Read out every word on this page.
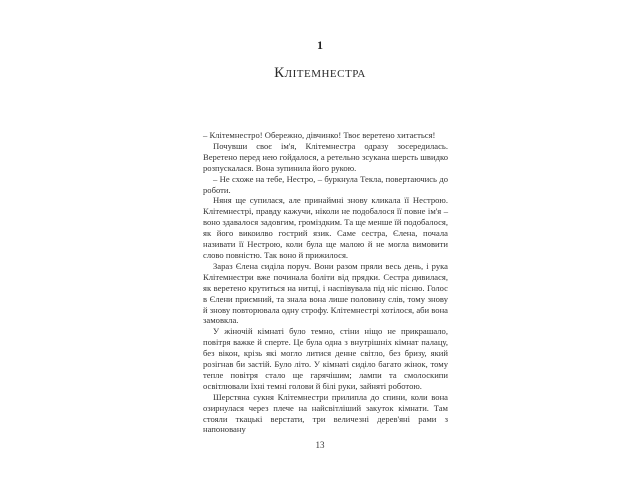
1
Клітемнестра

– Клітемнестро! Обережно, дівчинко! Твоє веретено хитається!

Почувши своє ім'я, Клітемнестра одразу зосередилась. Веретено перед нею гойдалося, а ретельно зсукана шерсть швидко розпускалася. Вона зупинила його рукою.

– Не схоже на тебе, Нестро, – буркнула Текла, повертаючись до роботи.

Няня ще супилася, але принаймні знову кликала її Нестрою. Клітемнестрі, правду кажучи, ніколи не подобалося її повне ім'я – воно здавалося задовгим, громіздким. Та ще менше їй подобалося, як його викоилво гострий язик. Саме сестра, Єлена, почала називати її Нестрою, коли була ще малою й не могла вимовити слово повністю. Так воно й прижилося.

Зараз Єлена сиділа поруч. Вони разом пряли весь день, і рука Клітемнестри вже починала боліти від прядки. Сестра дивилася, як веретено крутиться на нитці, і наспівувала під ніс пісню. Голос в Єлени приємний, та знала вона лише половину слів, тому знову й знову повторювала одну строфу. Клітемнестрі хотілося, аби вона замовкла.

У жіночій кімнаті було темно, стіни ніщо не прикрашало, повітря важке й сперте. Це була одна з внутрішніх кімнат палацу, без вікон, крізь які могло литися денне світло, без бризу, який розігнав би застій. Було літо. У кімнаті сиділо багато жінок, тому тепле повітря стало ще гарячішим; лампи та смолоскипи освітлювали їхні темні голови й білі руки, зайняті роботою.

Шерстяна сукня Клітемнестри прилипла до спини, коли вона озирнулася через плече на найсвітліший закуток кімнати. Там стояли ткацькі верстати, три величезні дерев'яні рами з напоновану

13
